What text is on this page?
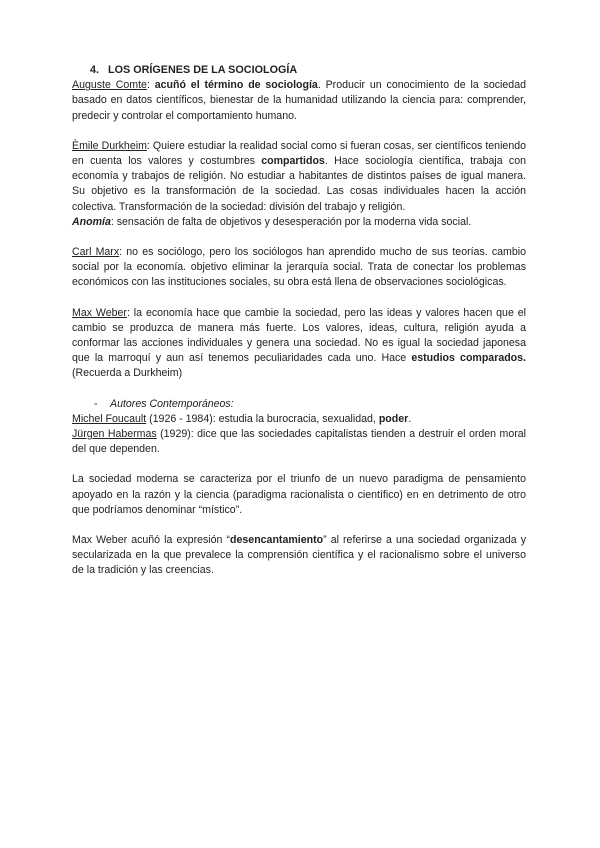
4. LOS ORÍGENES DE LA SOCIOLOGÍA

Auguste Comte: acuñó el término de sociología. Producir un conocimiento de la sociedad basado en datos científicos, bienestar de la humanidad utilizando la ciencia para: comprender, predecir y controlar el comportamiento humano.

Èmile Durkheim: Quiere estudiar la realidad social como si fueran cosas, ser científicos teniendo en cuenta los valores y costumbres compartidos. Hace sociología científica, trabaja con economía y trabajos de religión. No estudiar a habitantes de distintos países de igual manera. Su objetivo es la transformación de la sociedad. Las cosas individuales hacen la acción colectiva. Transformación de la sociedad: división del trabajo y religión.

Anomía: sensación de falta de objetivos y desesperación por la moderna vida social.

Carl Marx: no es sociólogo, pero los sociólogos han aprendido mucho de sus teorías. cambio social por la economía. objetivo eliminar la jerarquía social. Trata de conectar los problemas económicos con las instituciones sociales, su obra está llena de observaciones sociológicas.

Max Weber: la economía hace que cambie la sociedad, pero las ideas y valores hacen que el cambio se produzca de manera más fuerte. Los valores, ideas, cultura, religión ayuda a conformar las acciones individuales y genera una sociedad. No es igual la sociedad japonesa que la marroquí y aun así tenemos peculiaridades cada uno. Hace estudios comparados. (Recuerda a Durkheim)

- Autores Contemporáneos:

Michel Foucault (1926 - 1984): estudia la burocracia, sexualidad, poder.

Jürgen Habermas (1929): dice que las sociedades capitalistas tienden a destruir el orden moral del que dependen.

La sociedad moderna se caracteriza por el triunfo de un nuevo paradigma de pensamiento apoyado en la razón y la ciencia (paradigma racionalista o científico) en en detrimento de otro que podríamos denominar “místico”.

Max Weber acuñó la expresión “desencantamiento” al referirse a una sociedad organizada y secularizada en la que prevalece la comprensión científica y el racionalismo sobre el universo de la tradición y las creencias.
